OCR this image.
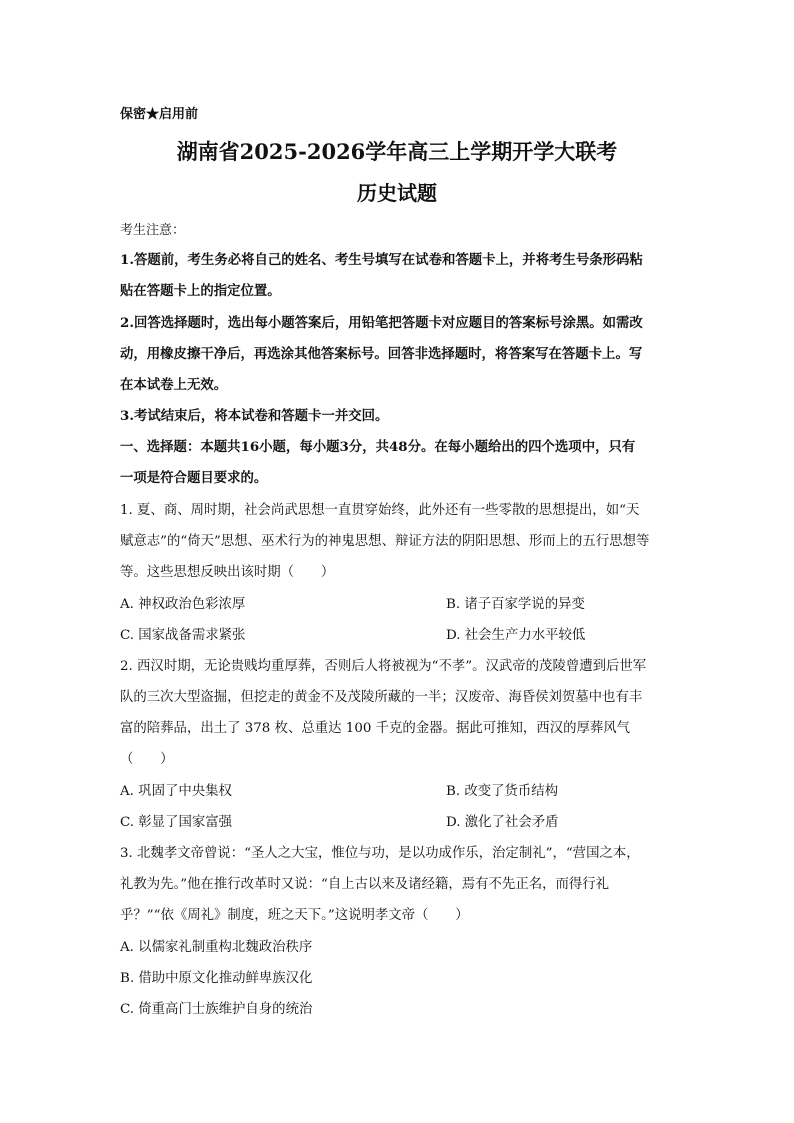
保密★启用前
湖南省2025-2026学年高三上学期开学大联考
历史试题
考生注意：
1.答题前，考生务必将自己的姓名、考生号填写在试卷和答题卡上，并将考生号条形码粘
贴在答题卡上的指定位置。
2.回答选择题时，选出每小题答案后，用铅笔把答题卡对应题目的答案标号涂黑。如需改
动，用橡皮擦干净后，再选涂其他答案标号。回答非选择题时，将答案写在答题卡上。写
在本试卷上无效。
3.考试结束后，将本试卷和答题卡一并交回。
一、选择题：本题共16小题，每小题3分，共48分。在每小题给出的四个选项中，只有
一项是符合题目要求的。
1. 夏、商、周时期，社会尚武思想一直贯穿始终，此外还有一些零散的思想提出，如“天
赋意志”的“倚天”思想、巫术行为的神鬼思想、辩证方法的阴阳思想、形而上的五行思想等
等。这些思想反映出该时期（　　）
A. 神权政治色彩浓厚	B. 诸子百家学说的异变
C. 国家战备需求紧张	D. 社会生产力水平较低
2. 西汉时期，无论贵贱均重厚葬，否则后人将被视为“不孝”。汉武帝的茂陵曾遭到后世军
队的三次大型盗掘，但挖走的黄金不及茂陵所藏的一半；汉废帝、海昏侯刘贺墓中也有丰
富的陪葬品，出土了 378 枚、总重达 100 千克的金器。据此可推知，西汉的厚葬风气
（　　）
A. 巩固了中央集权	B. 改变了货币结构
C. 彰显了国家富强	D. 激化了社会矛盾
3. 北魏孝文帝曾说：“圣人之大宝，惟位与功，是以功成作乐，治定制礼”，“营国之本，
礼教为先。”他在推行改革时又说：“自上古以来及诸经籍，焉有不先正名，而得行礼
乎？”“依《周礼》制度，班之天下。”这说明孝文帝（　　）
A. 以儒家礼制重构北魏政治秩序
B. 借助中原文化推动鲜卑族汉化
C. 倚重高门士族维护自身的统治
